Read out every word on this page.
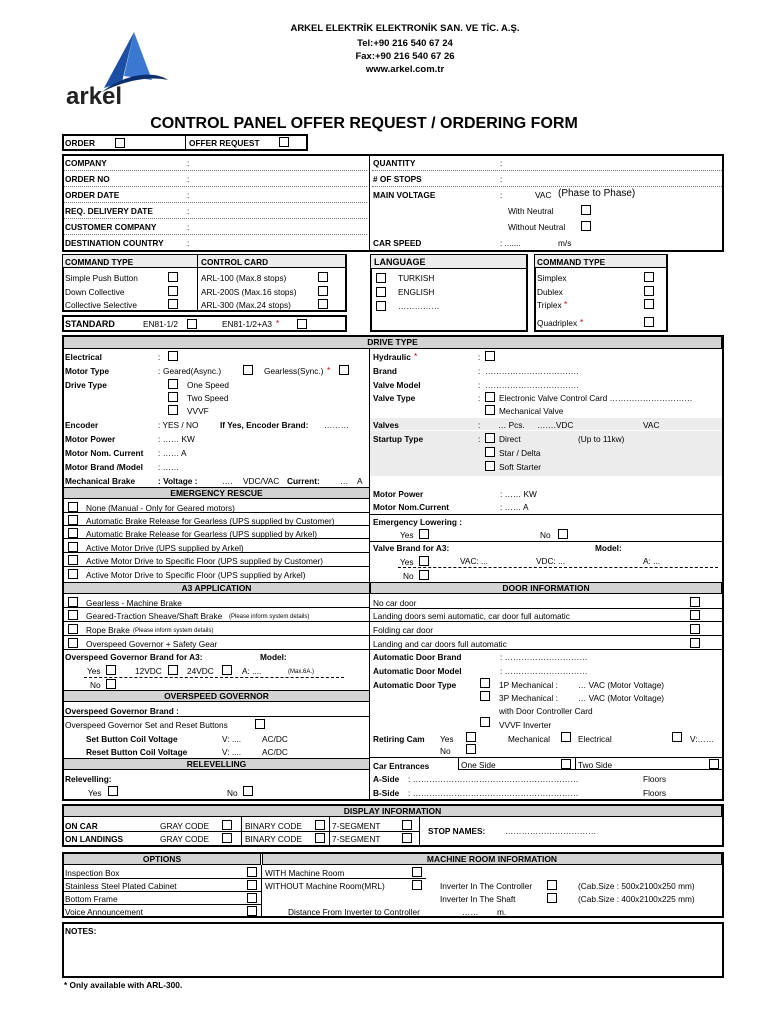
arkel
ARKEL ELEKTRİK ELEKTRONİK SAN. VE TİC. A.Ş.
Tel:+90 216 540 67 24
Fax:+90 216 540 67 26
www.arkel.com.tr
CONTROL PANEL OFFER REQUEST / ORDERING FORM
ORDER	OFFER REQUEST
COMPANY	:
ORDER NO	:
ORDER DATE	:
REQ. DELIVERY DATE	:
CUSTOMER COMPANY	:
DESTINATION COUNTRY	:
QUANTITY	:
# OF STOPS	:
MAIN VOLTAGE	:	VAC (Phase to Phase)
With Neutral
Without Neutral
CAR SPEED	: .......	m/s
COMMAND TYPE	CONTROL CARD
Simple Push Button
Down Collective
Collective Selective
ARL-100 (Max.8 stops)
ARL-200S (Max.16 stops)
ARL-300 (Max.24 stops)
STANDARD	EN81-1/2	EN81-1/2+A3 *
LANGUAGE
TURKISH
ENGLISH
……………
COMMAND TYPE
Simplex
Dublex
Triplex *
Quadriplex *
DRIVE TYPE
Electrical	:
Motor Type	: Geared(Async.)	Gearless(Sync.) *
Drive Type	One Speed
Two Speed
VVVF
Encoder	: YES / NO	If Yes, Encoder Brand: ………
Motor Power	: …… KW
Motor Nom. Current : …… A
Motor Brand /Model : ……
Mechanical Brake	: Voltage :	…. VDC/VAC Current: … A
Hydraulic *	:
Brand	: …………………………….
Valve Model	: …………………………….
Valve Type	: Electronic Valve Control Card …………………………
Mechanical Valve
Valves	: … Pcs. …….VDC	VAC
Startup Type	: Direct	(Up to 11kw)
Star / Delta
Soft Starter
Motor Power	: …… KW
Motor Nom.Current	: …… A
EMERGENCY RESCUE
None (Manual - Only for Geared motors)
Automatic Brake Release for Gearless (UPS supplied by Customer)
Automatic Brake Release for Gearless (UPS supplied by Arkel)
Active Motor Drive (UPS supplied by Arkel)
Active Motor Drive to Specific Floor (UPS supplied by Customer)
Active Motor Drive to Specific Floor (UPS supplied by Arkel)
Emergency Lowering :
Yes	No
Valve Brand for A3:	Model:
Yes	VAC: ...	VDC: ...	A: ...
No
A3 APPLICATION
Gearless - Machine Brake
Geared-Traction Sheave/Shaft Brake (Please inform system details)
Rope Brake (Please inform system details)
Overspeed Governor + Safety Gear
Overspeed Governor Brand for A3:	Model:
Yes	12VDC	24VDC	A: ....	(Max.6A.)
No
OVERSPEED GOVERNOR
Overspeed Governor Brand :
Overspeed Governor Set and Reset Buttons
Set Button Coil Voltage	V: ....	AC/DC
Reset Button Coil Voltage	V: ....	AC/DC
RELEVELLING
Relevelling:
Yes	No
DOOR INFORMATION
No car door
Landing doors semi automatic, car door full automatic
Folding car door
Landing and car doors full automatic
Automatic Door Brand	: …………………………
Automatic Door Model	: …………………………
Automatic Door Type	1P Mechanical : … VAC (Motor Voltage)
3P Mechanical : … VAC (Motor Voltage)
with Door Controller Card
VVVF Inverter
Retiring Cam Yes	Mechanical	Electrical	V:……
No
Car Entrances	One Side	Two Side
A-Side : ……………………………………………………	Floors
B-Side : ……………………………………………………	Floors
DISPLAY INFORMATION
ON CAR	GRAY CODE	BINARY CODE	7-SEGMENT
ON LANDINGS	GRAY CODE	BINARY CODE	7-SEGMENT
STOP NAMES: ……………………………
OPTIONS	MACHINE ROOM INFORMATION
Inspection Box
Stainless Steel Plated Cabinet
Bottom Frame
Voice Announcement
WITH Machine Room
WITHOUT Machine Room(MRL)	Inverter In The Controller	(Cab.Size : 500x2100x250 mm)
Inverter In The Shaft	(Cab.Size : 400x2100x225 mm)
Distance From Inverter to Controller	…… m.
NOTES:
* Only available with ARL-300.
